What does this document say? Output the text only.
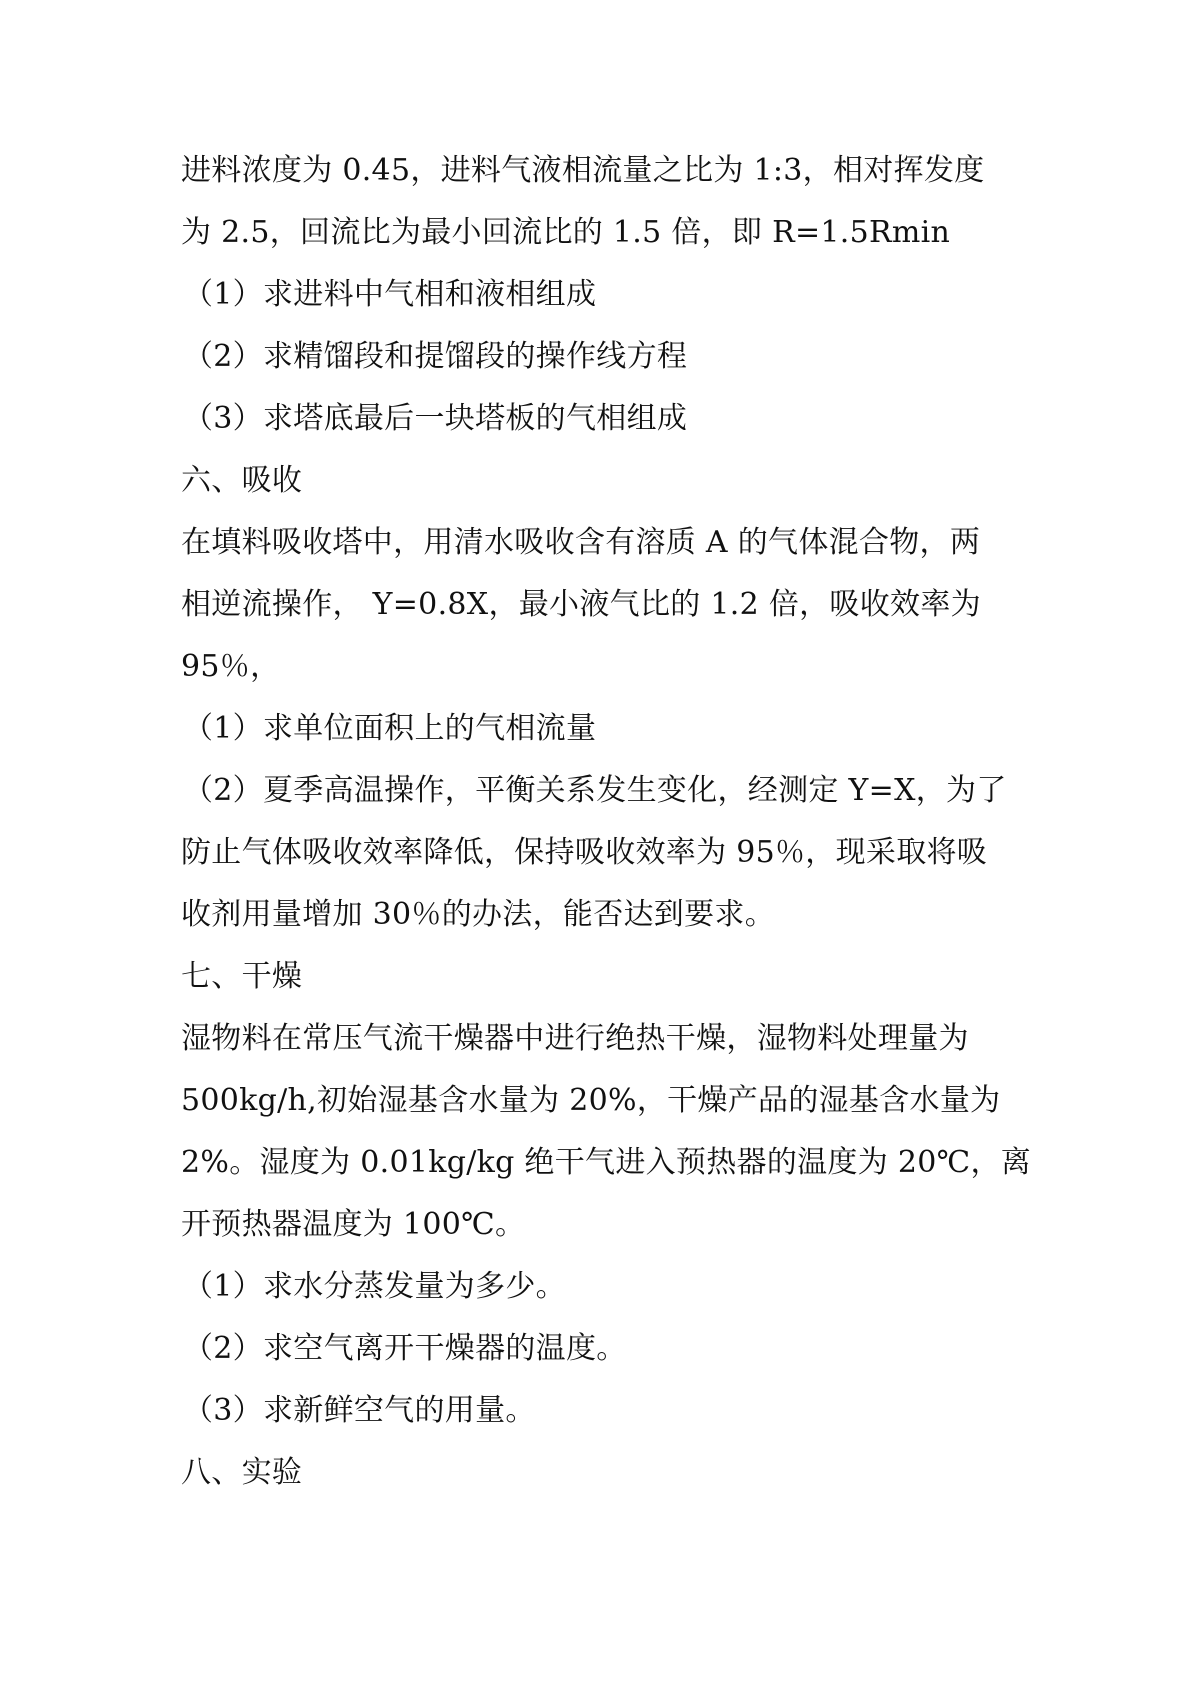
进料浓度为 0.45，进料气液相流量之比为 1:3，相对挥发度
为 2.5，回流比为最小回流比的 1.5 倍，即 R=1.5Rmin
（1）求进料中气相和液相组成
（2）求精馏段和提馏段的操作线方程
（3）求塔底最后一块塔板的气相组成
六、吸收
在填料吸收塔中，用清水吸收含有溶质 A 的气体混合物，两
相逆流操作， Y=0.8X，最小液气比的 1.2 倍，吸收效率为
95％，
（1）求单位面积上的气相流量
（2）夏季高温操作，平衡关系发生变化，经测定 Y=X，为了
防止气体吸收效率降低，保持吸收效率为 95％，现采取将吸
收剂用量增加 30％的办法，能否达到要求。
七、干燥
湿物料在常压气流干燥器中进行绝热干燥，湿物料处理量为
500kg/h,初始湿基含水量为 20%，干燥产品的湿基含水量为
2%。湿度为 0.01kg/kg 绝干气进入预热器的温度为 20℃，离
开预热器温度为 100℃。
（1）求水分蒸发量为多少。
（2）求空气离开干燥器的温度。
（3）求新鲜空气的用量。
八、实验
